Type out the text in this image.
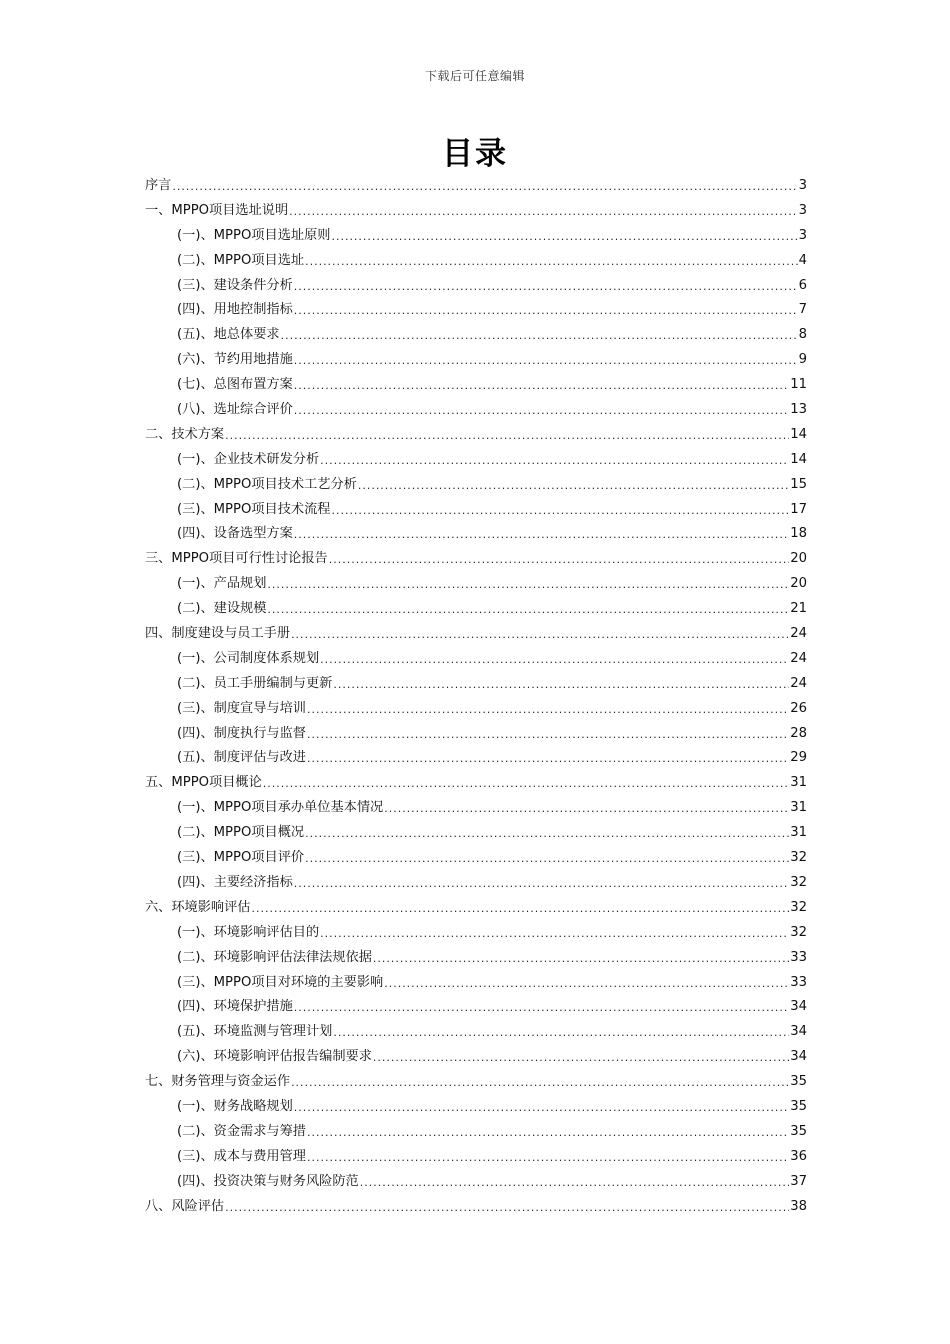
下载后可任意编辑
目录
序言 .....	3
一、MPPO项目选址说明 .....	3
(一)、MPPO项目选址原则 .....	3
(二)、MPPO项目选址 .....	4
(三)、建设条件分析 .....	6
(四)、用地控制指标 .....	7
(五)、地总体要求 .....	8
(六)、节约用地措施 .....	9
(七)、总图布置方案 .....	11
(八)、选址综合评价 .....	13
二、技术方案 .....	14
(一)、企业技术研发分析 .....	14
(二)、MPPO项目技术工艺分析 .....	15
(三)、MPPO项目技术流程 .....	17
(四)、设备选型方案 .....	18
三、MPPO项目可行性讨论报告 .....	20
(一)、产品规划 .....	20
(二)、建设规模 .....	21
四、制度建设与员工手册 .....	24
(一)、公司制度体系规划 .....	24
(二)、员工手册编制与更新 .....	24
(三)、制度宣导与培训 .....	26
(四)、制度执行与监督 .....	28
(五)、制度评估与改进 .....	29
五、MPPO项目概论 .....	31
(一)、MPPO项目承办单位基本情况 .....	31
(二)、MPPO项目概况 .....	31
(三)、MPPO项目评价 .....	32
(四)、主要经济指标 .....	32
六、环境影响评估 .....	32
(一)、环境影响评估目的 .....	32
(二)、环境影响评估法律法规依据 .....	33
(三)、MPPO项目对环境的主要影响 .....	33
(四)、环境保护措施 .....	34
(五)、环境监测与管理计划 .....	34
(六)、环境影响评估报告编制要求 .....	34
七、财务管理与资金运作 .....	35
(一)、财务战略规划 .....	35
(二)、资金需求与筹措 .....	35
(三)、成本与费用管理 .....	36
(四)、投资决策与财务风险防范 .....	37
八、风险评估 .....	38
